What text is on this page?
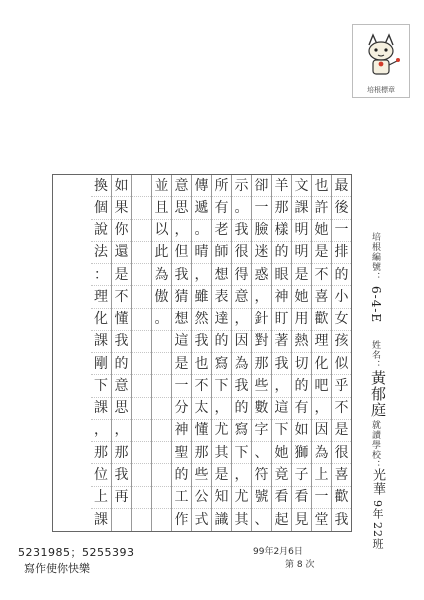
培根標章
培根編號：
6-4-E
姓名：
黃郁庭
就讀學校：
光華
9年
22班
最
後
一
排
的
小
女
孩
似
乎
不
是
很
喜
歡
我
也
許
她
是
不
喜
歡
理
化
吧
，
因
為
上
一
堂
文
課
明
明
是
她
用
熱
切
的
有
如
獅
子
看
見
羊
那
樣
的
眼
神
盯
著
我
，
這
下
她
竟
看
起
卻
一
臉
迷
惑
，
針
對
那
些
數
字
、
符
號
、
示
。
我
很
得
意
，
因
為
我
的
寫
下
，
尤
其
所
有
老
師
想
表
達
的
寫
下
，
尤
其
是
知
識
傳
遞
。
晴
，
雖
然
我
也
不
太
懂
那
些
公
式
意
思
，
但
我
猜
想
這
是
一
分
神
聖
的
工
作
並
且
以
此
為
傲
。
如
果
你
還
是
不
懂
我
的
意
思
，
那
我
再
換
個
說
法
：
理
化
課
剛
下
課
，
那
位
上
課
5231985；5255393
寫作使你快樂
99年2月6日
第 8 次
